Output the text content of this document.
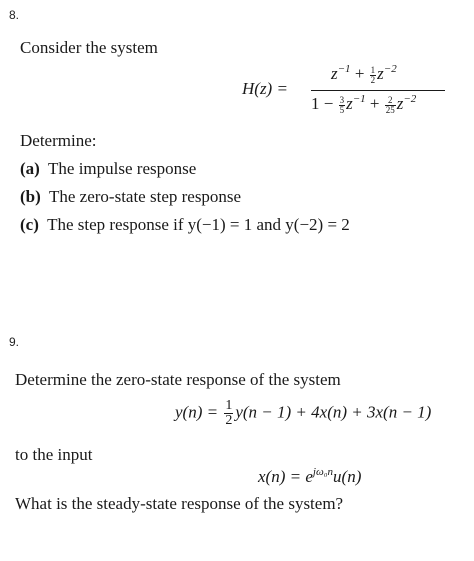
8.
Consider the system
H(z) =
$z^{-1} + \frac{1}{2} z^{-2}$
$1 - \frac{3}{5} z^{-1} + \frac{2}{25} z^{-2}$
Determine:
(a) The impulse response
(b) The zero-state step response
(c) The step response if y(−1) = 1 and y(−2) = 2
9.
Determine the zero-state response of the system
$y(n) = \frac{1}{2} y(n - 1) + 4x(n) + 3x(n - 1)$
to the input
$x(n) = e^{j\omega_0n}u(n)$
What is the steady-state response of the system?
